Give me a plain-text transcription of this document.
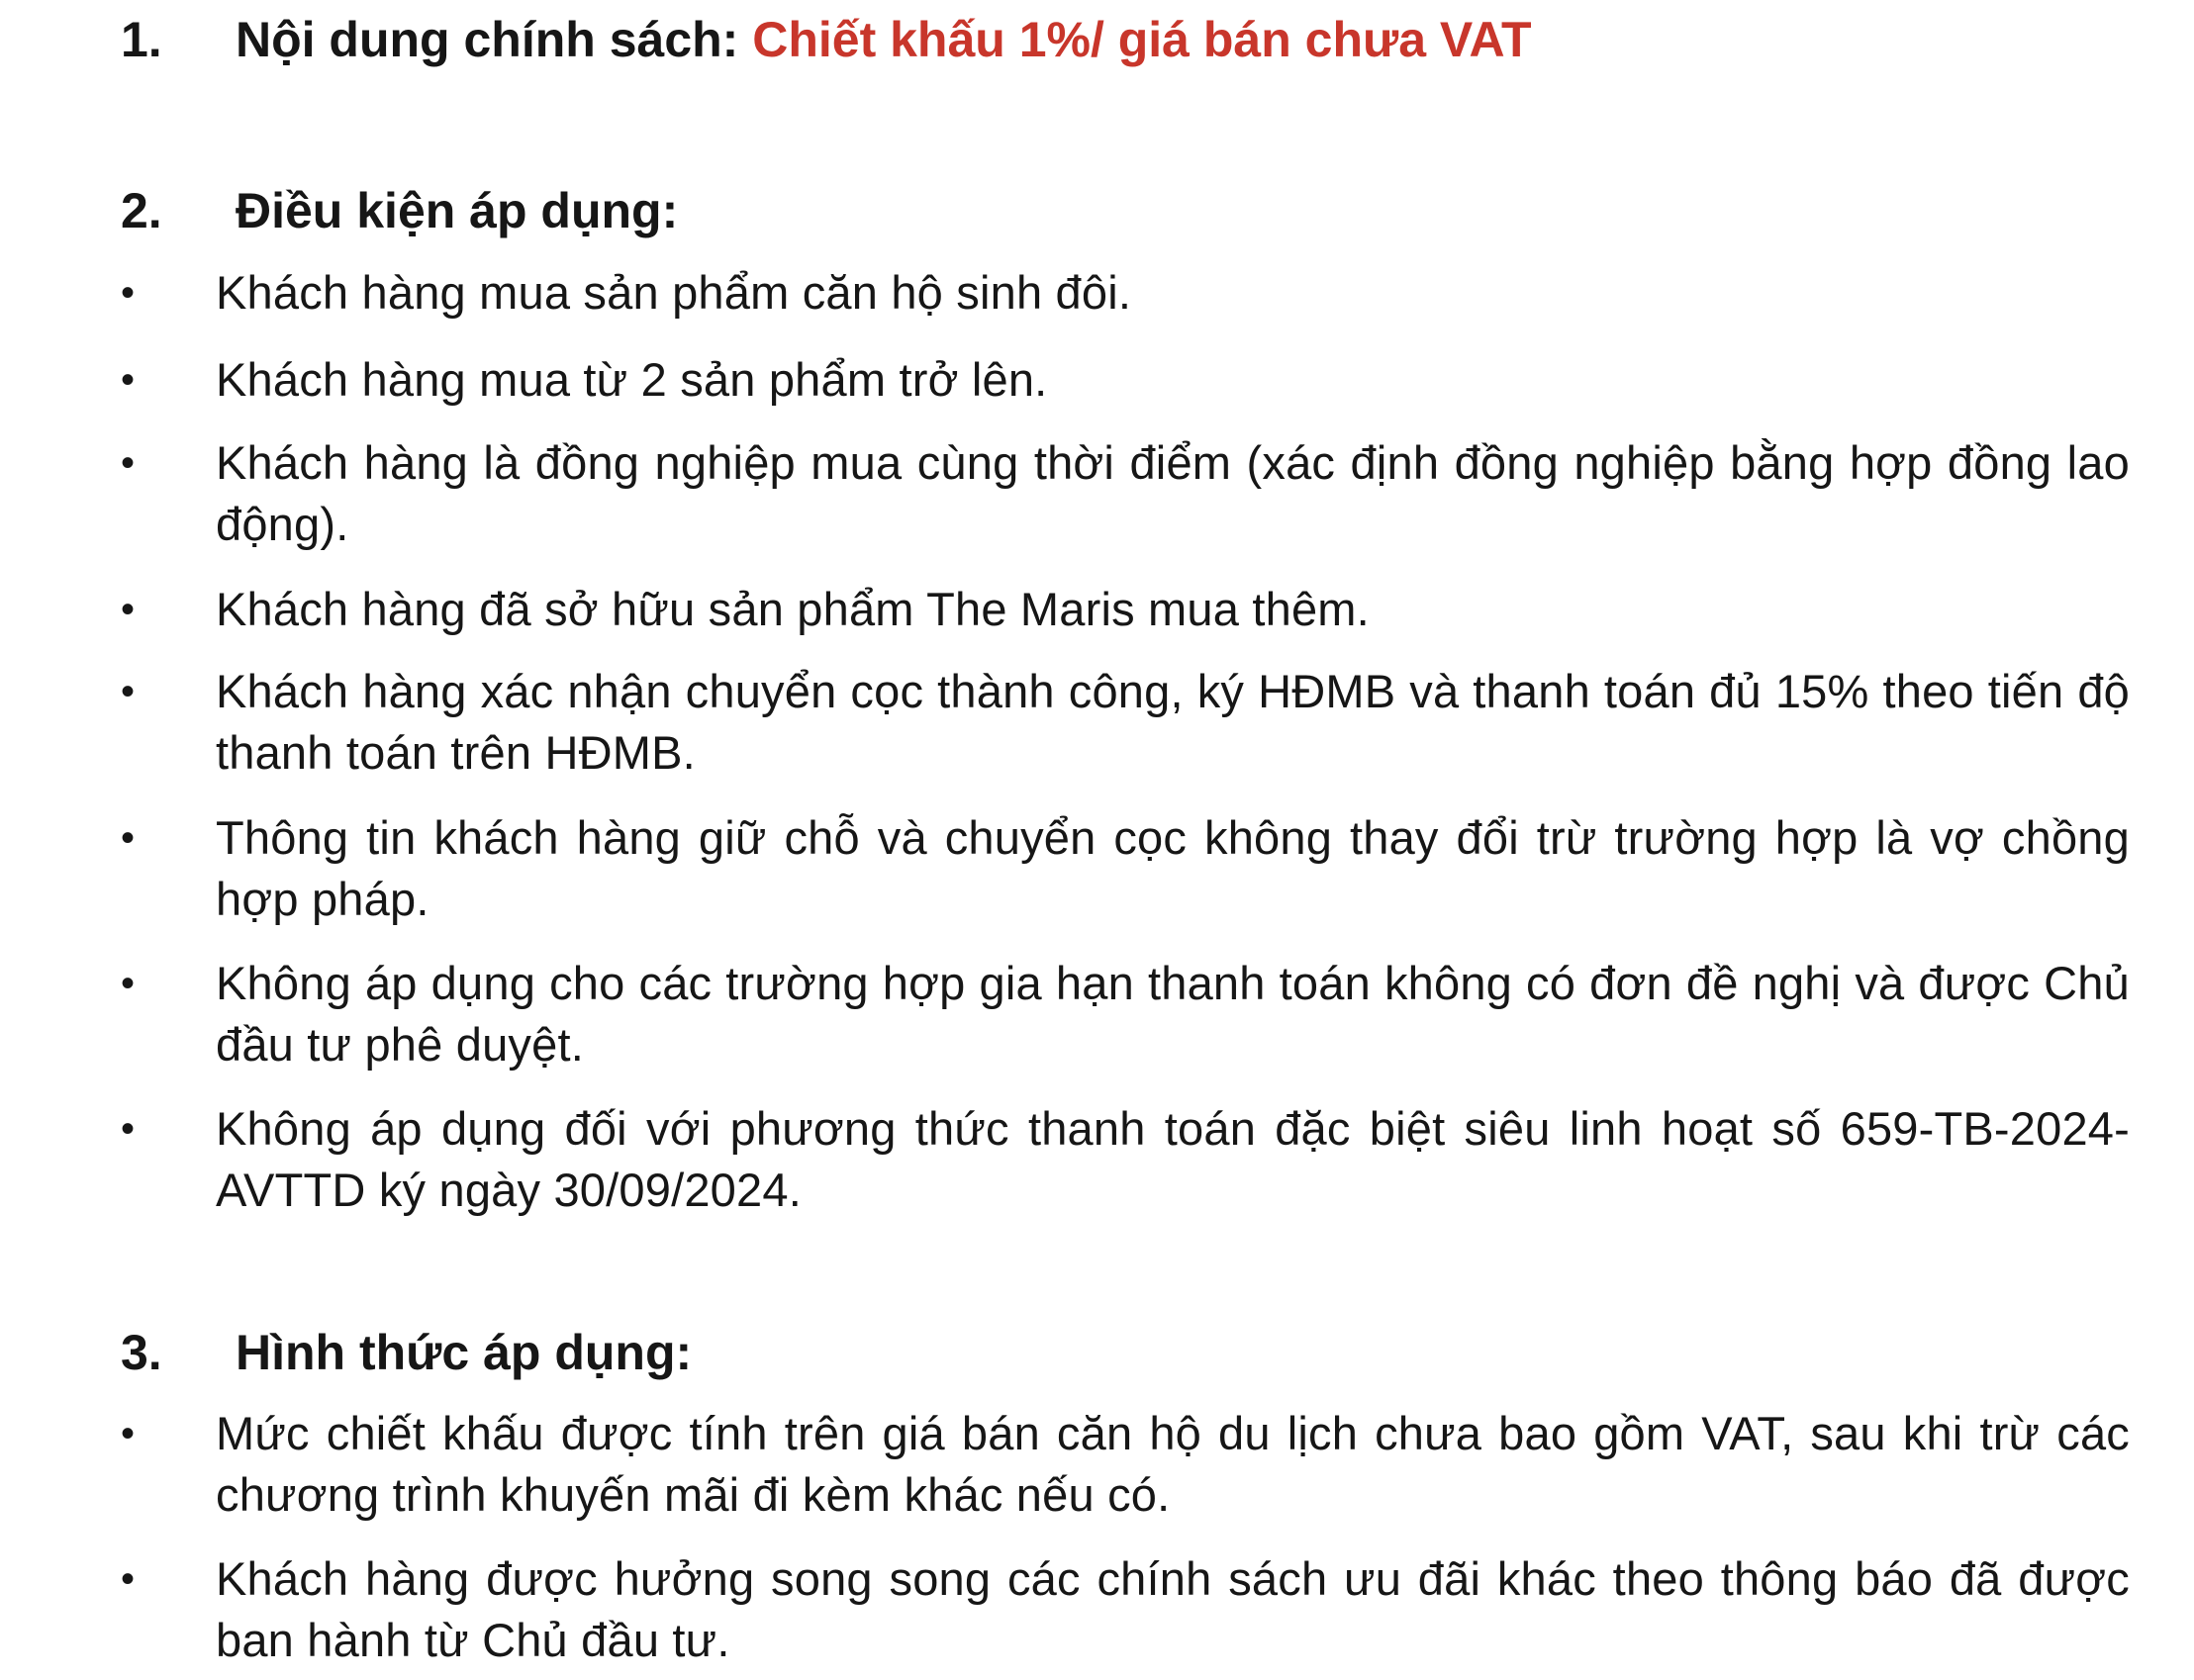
1. Nội dung chính sách: Chiết khấu 1%/ giá bán chưa VAT
2. Điều kiện áp dụng:
• Khách hàng mua sản phẩm căn hộ sinh đôi.
• Khách hàng mua từ 2 sản phẩm trở lên.
• Khách hàng là đồng nghiệp mua cùng thời điểm (xác định đồng nghiệp bằng hợp đồng lao động).
• Khách hàng đã sở hữu sản phẩm The Maris mua thêm.
• Khách hàng xác nhận chuyển cọc thành công, ký HĐMB và thanh toán đủ 15% theo tiến độ thanh toán trên HĐMB.
• Thông tin khách hàng giữ chỗ và chuyển cọc không thay đổi trừ trường hợp là vợ chồng hợp pháp.
• Không áp dụng cho các trường hợp gia hạn thanh toán không có đơn đề nghị và được Chủ đầu tư phê duyệt.
• Không áp dụng đối với phương thức thanh toán đặc biệt siêu linh hoạt số 659-TB-2024-AVTTD ký ngày 30/09/2024.
3. Hình thức áp dụng:
• Mức chiết khấu được tính trên giá bán căn hộ du lịch chưa bao gồm VAT, sau khi trừ các chương trình khuyến mãi đi kèm khác nếu có.
• Khách hàng được hưởng song song các chính sách ưu đãi khác theo thông báo đã được ban hành từ Chủ đầu tư.
